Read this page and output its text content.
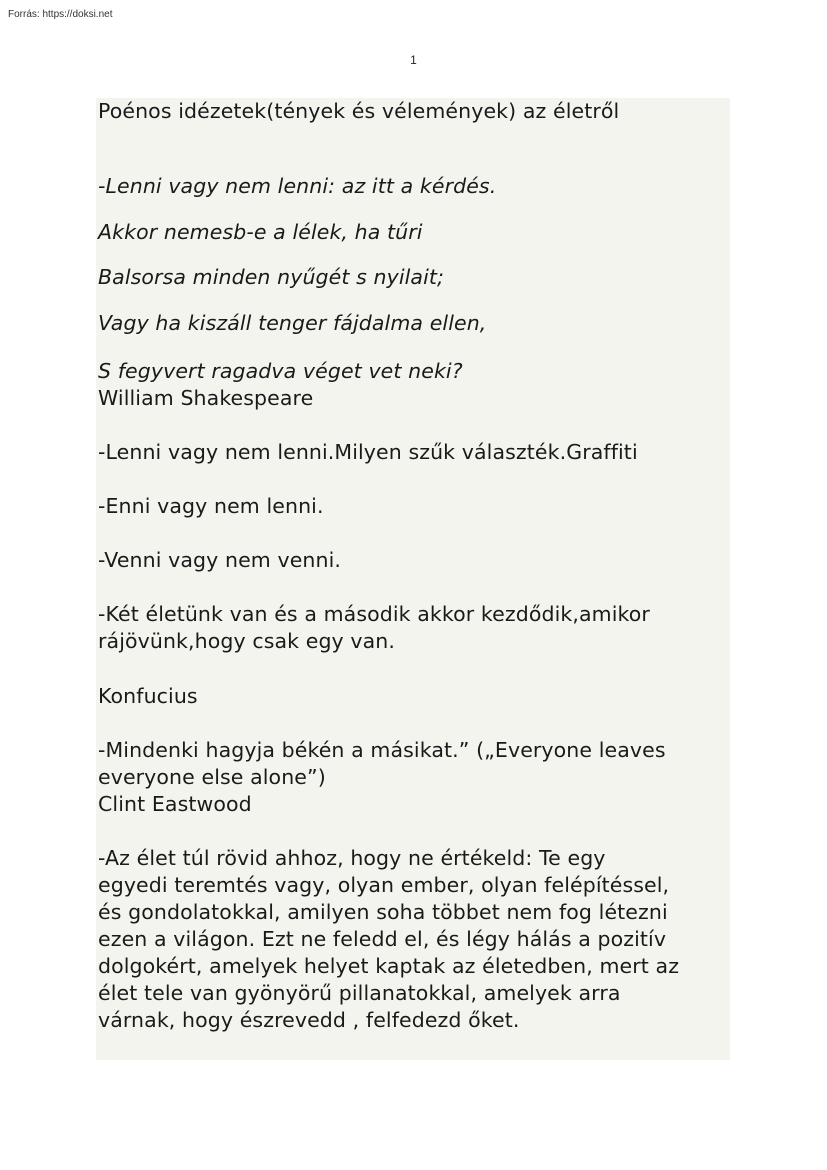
Forrás: https://doksi.net
1
Poénos idézetek(tények és vélemények) az életről
-Lenni vagy nem lenni: az itt a kérdés.
Akkor nemesb-e a lélek, ha tűri
Balsorsa minden nyűgét s nyilait;
Vagy ha kiszáll tenger fájdalma ellen,
S fegyvert ragadva véget vet neki?
William Shakespeare
-Lenni vagy nem lenni.Milyen szűk választék.Graffiti
-Enni vagy nem lenni.
-Venni vagy nem venni.
-Két életünk van és a második akkor kezdődik,amikor
rájövünk,hogy csak egy van.
Konfucius
-Mindenki hagyja békén a másikat.” („Everyone leaves
everyone else alone”)
Clint Eastwood
-Az élet túl rövid ahhoz, hogy ne értékeld: Te egy
egyedi teremtés vagy, olyan ember, olyan felépítéssel,
és gondolatokkal, amilyen soha többet nem fog létezni
ezen a világon. Ezt ne feledd el, és légy hálás a pozitív
dolgokért, amelyek helyet kaptak az életedben, mert az
élet tele van gyönyörű pillanatokkal, amelyek arra
várnak, hogy észrevedd , felfedezd őket.
